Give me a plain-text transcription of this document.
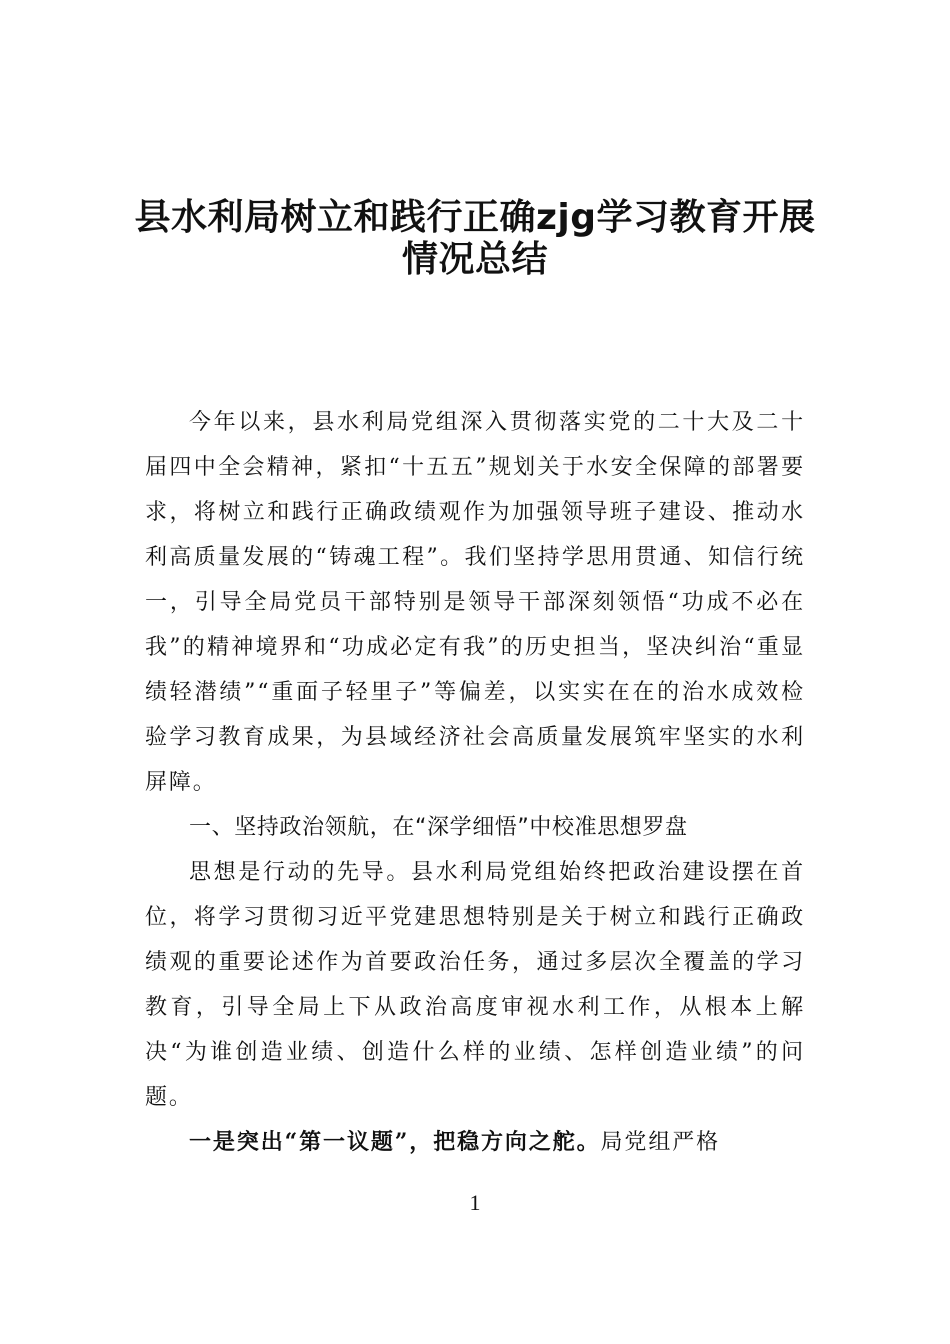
县水利局树立和践行正确zjg学习教育开展
情况总结

今年以来，县水利局党组深入贯彻落实党的二十大及二十届四中全会精神，紧扣“十五五”规划关于水安全保障的部署要求，将树立和践行正确政绩观作为加强领导班子建设、推动水利高质量发展的“铸魂工程”。我们坚持学思用贯通、知信行统一，引导全局党员干部特别是领导干部深刻领悟“功成不必在我”的精神境界和“功成必定有我”的历史担当，坚决纠治“重显绩轻潜绩”“重面子轻里子”等偏差，以实实在在的治水成效检验学习教育成果，为县域经济社会高质量发展筑牢坚实的水利屏障。

一、坚持政治领航，在“深学细悟”中校准思想罗盘

思想是行动的先导。县水利局党组始终把政治建设摆在首位，将学习贯彻习近平党建思想特别是关于树立和践行正确政绩观的重要论述作为首要政治任务，通过多层次全覆盖的学习教育，引导全局上下从政治高度审视水利工作，从根本上解决“为谁创造业绩、创造什么样的业绩、怎样创造业绩”的问题。

一是突出“第一议题”，把稳方向之舵。局党组严格

1
